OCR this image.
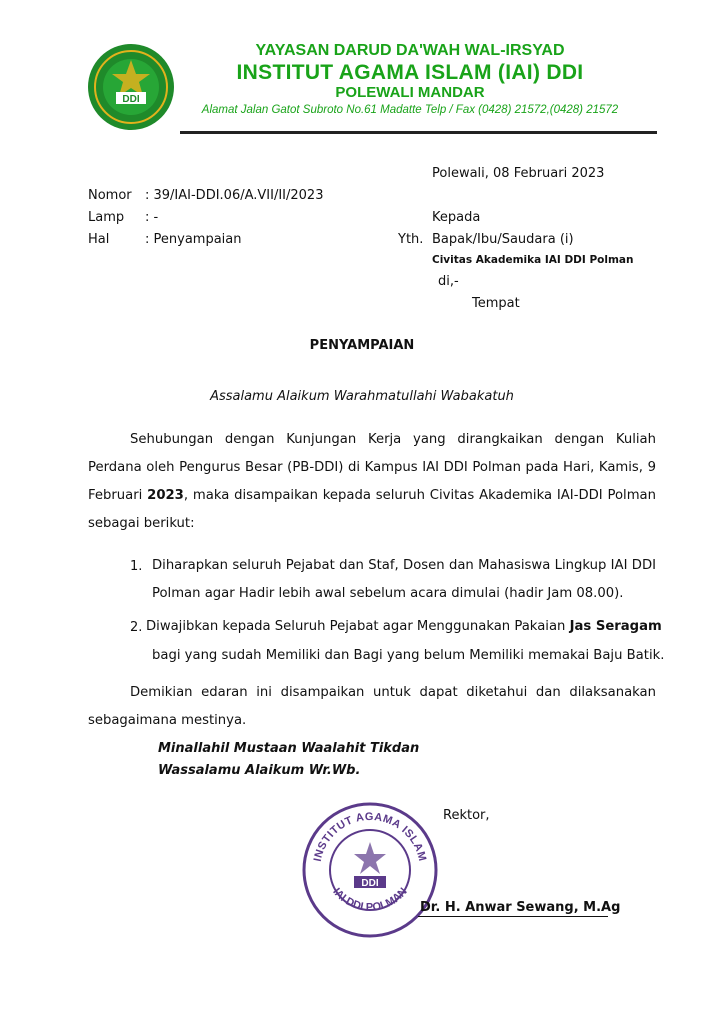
DDI
YAYASAN DARUD DA'WAH WAL-IRSYAD
INSTITUT AGAMA ISLAM (IAI) DDI
POLEWALI MANDAR
Alamat Jalan Gatot Subroto No.61 Madatte Telp / Fax (0428) 21572,(0428) 21572
Polewali, 08 Februari 2023
Nomor : 39/IAI-DDI.06/A.VII/II/2023
Lamp : -
Hal	: Penyampaian
Kepada
Yth. Bapak/Ibu/Saudara (i)
Civitas Akademika IAI DDI Polman
di,-
Tempat
PENYAMPAIAN
Assalamu Alaikum Warahmatullahi Wabakatuh
Sehubungan dengan Kunjungan Kerja yang dirangkaikan dengan Kuliah Perdana oleh Pengurus Besar (PB-DDI) di Kampus IAI DDI Polman pada Hari, Kamis, 9 Februari 2023, maka disampaikan kepada seluruh Civitas Akademika IAI-DDI Polman sebagai berikut:
1. Diharapkan seluruh Pejabat dan Staf, Dosen dan Mahasiswa Lingkup IAI DDI Polman agar Hadir lebih awal sebelum acara dimulai (hadir Jam 08.00).
2. Diwajibkan kepada Seluruh Pejabat agar Menggunakan Pakaian Jas Seragam
bagi yang sudah Memiliki dan Bagi yang belum Memiliki memakai Baju Batik.
Demikian edaran ini disampaikan untuk dapat diketahui dan dilaksanakan sebagaimana mestinya.
Minallahil Mustaan Waalahit Tikdan
Wassalamu Alaikum Wr.Wb.
Rektor,
INSTITUT AGAMA ISLAM
IAI DDI POLMAN
DDI
Dr. H. Anwar Sewang, M.Ag
